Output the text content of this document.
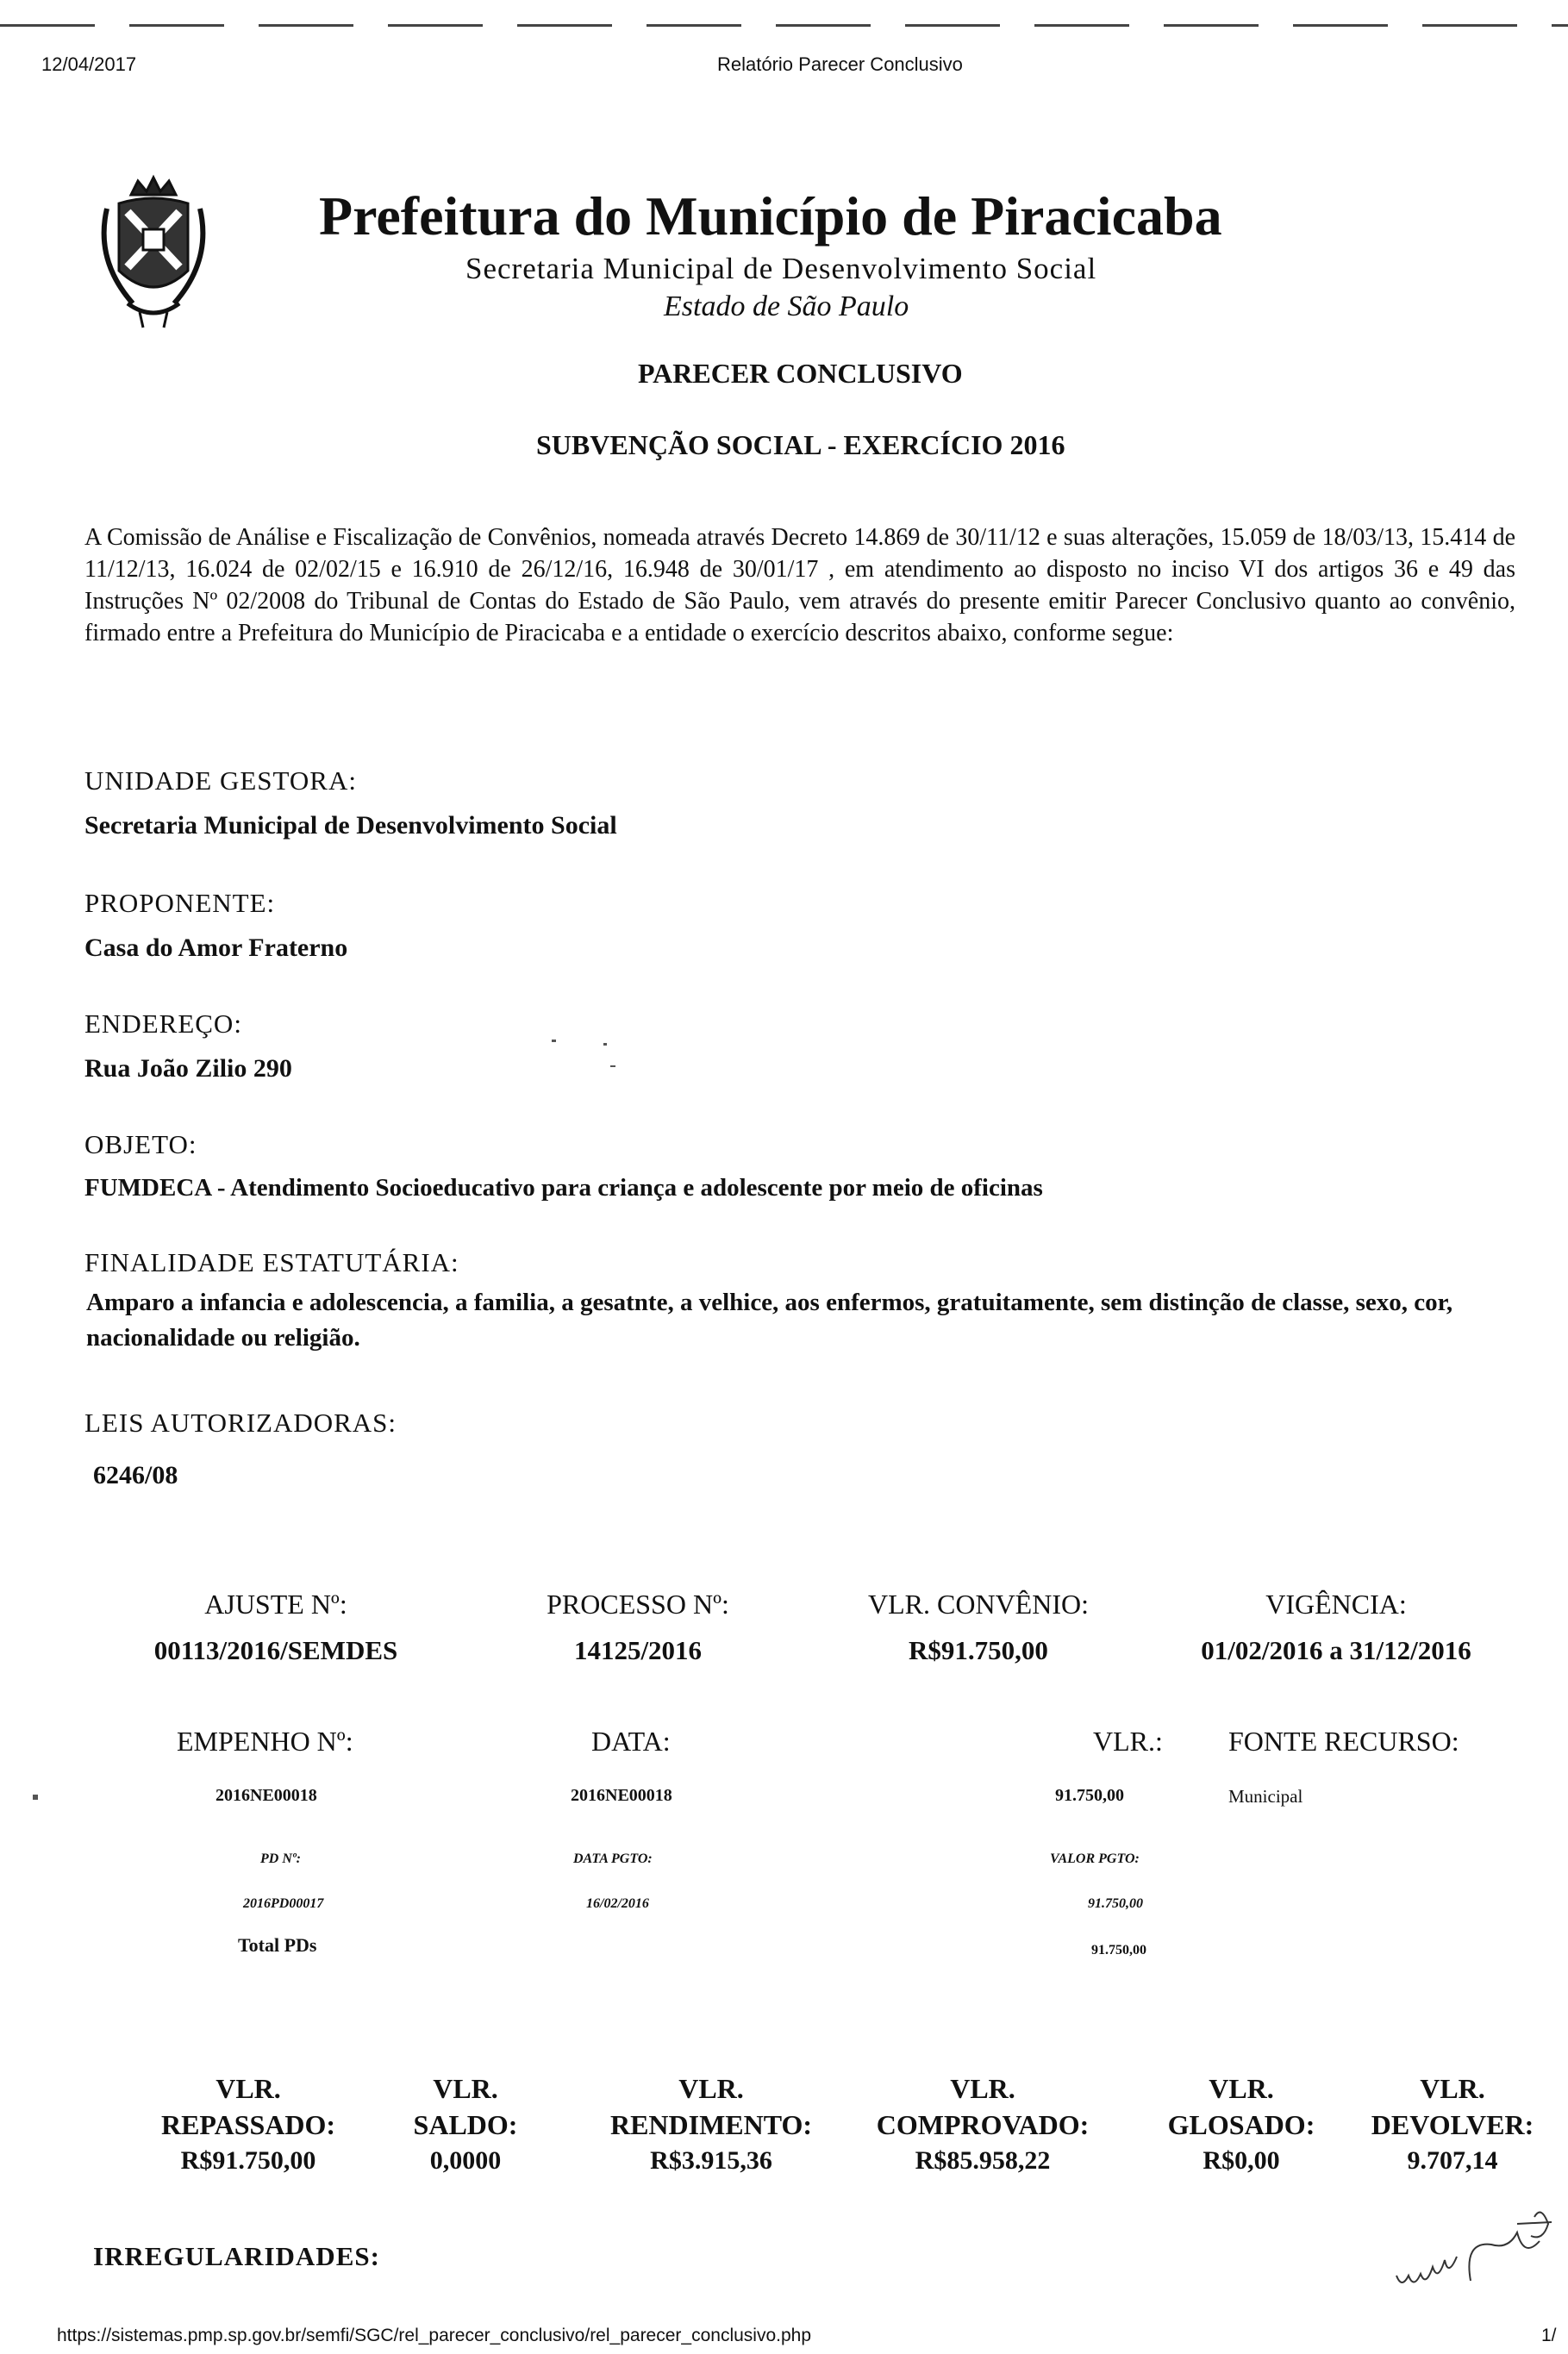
12/04/2017	Relatório Parecer Conclusivo
Prefeitura do Município de Piracicaba
Secretaria Municipal de Desenvolvimento Social
Estado de São Paulo
PARECER CONCLUSIVO
SUBVENÇÃO SOCIAL - EXERCÍCIO 2016
A Comissão de Análise e Fiscalização de Convênios, nomeada através Decreto 14.869 de 30/11/12 e suas alterações, 15.059 de 18/03/13, 15.414 de 11/12/13, 16.024 de 02/02/15 e 16.910 de 26/12/16, 16.948 de 30/01/17 , em atendimento ao disposto no inciso VI dos artigos 36 e 49 das Instruções Nº 02/2008 do Tribunal de Contas do Estado de São Paulo, vem através do presente emitir Parecer Conclusivo quanto ao convênio, firmado entre a Prefeitura do Município de Piracicaba e a entidade o exercício descritos abaixo, conforme segue:
UNIDADE GESTORA:
Secretaria Municipal de Desenvolvimento Social
PROPONENTE:
Casa do Amor Fraterno
ENDEREÇO:
Rua João Zilio 290
OBJETO:
FUMDECA - Atendimento Socioeducativo para criança e adolescente por meio de oficinas
FINALIDADE ESTATUTÁRIA:
Amparo a infancia e adolescencia, a familia, a gesatnte, a velhice, aos enfermos, gratuitamente, sem distinção de classe, sexo, cor, nacionalidade ou religião.
LEIS AUTORIZADORAS:
6246/08
AJUSTE Nº:
00113/2016/SEMDES
PROCESSO Nº:
14125/2016
VLR. CONVÊNIO:
R$91.750,00
VIGÊNCIA:
01/02/2016 a 31/12/2016
EMPENHO Nº:
2016NE00018
DATA:
2016NE00018
VLR.:
91.750,00
FONTE RECURSO:
Municipal
PD Nº:
2016PD00017
DATA PGTO:
16/02/2016
VALOR PGTO:
91.750,00
Total PDs	91.750,00
VLR.
REPASSADO:
R$91.750,00
VLR.
SALDO:
0,0000
VLR.
RENDIMENTO:
R$3.915,36
VLR.
COMPROVADO:
R$85.958,22
VLR.
GLOSADO:
R$0,00
VLR.
DEVOLVER:
9.707,14
IRREGULARIDADES:
https://sistemas.pmp.sp.gov.br/semfi/SGC/rel_parecer_conclusivo/rel_parecer_conclusivo.php	1/
